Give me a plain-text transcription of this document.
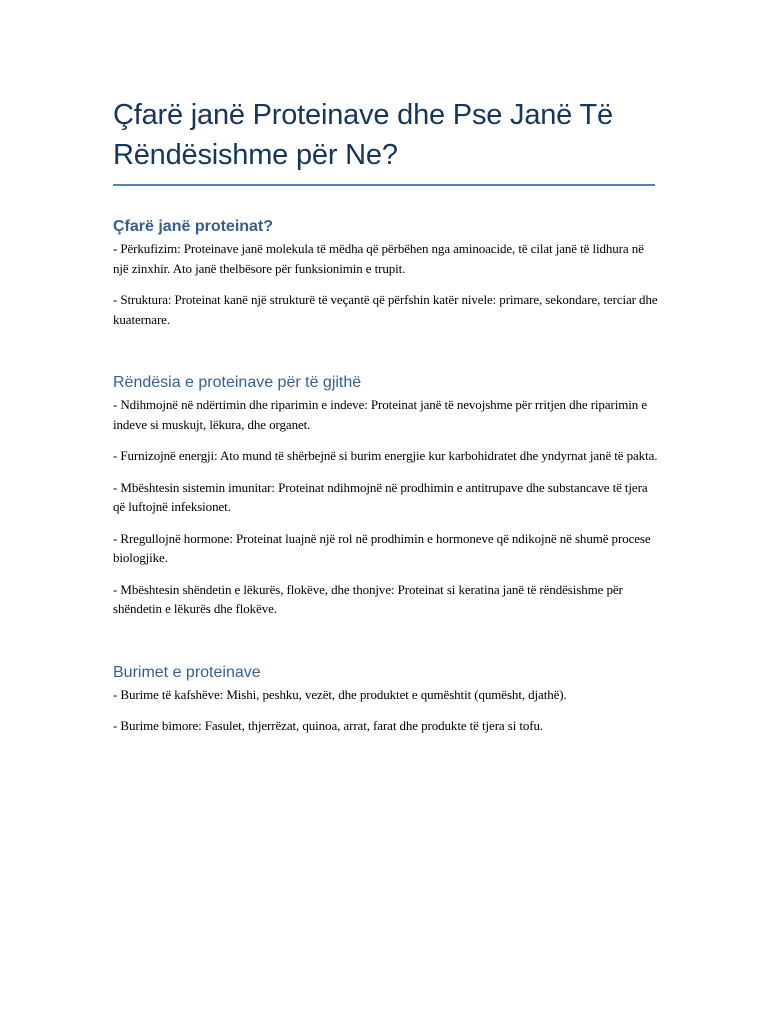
Çfarë janë Proteinave dhe Pse Janë Të Rëndësishme për Ne?
Çfarë janë proteinat?

- Përkufizim: Proteinave janë molekula të mëdha që përbëhen nga aminoacide, të cilat janë të lidhura në një zinxhir. Ato janë thelbësore për funksionimin e trupit.

- Struktura: Proteinat kanë një strukturë të veçantë që përfshin katër nivele: primare, sekondare, terciar dhe kuaternare.

Rëndësia e proteinave për të gjithë

- Ndihmojnë në ndërtimin dhe riparimin e indeve: Proteinat janë të nevojshme për rritjen dhe riparimin e indeve si muskujt, lëkura, dhe organet.

- Furnizojnë energji: Ato mund të shërbejnë si burim energjie kur karbohidratet dhe yndyrnat janë të pakta.

- Mbështesin sistemin imunitar: Proteinat ndihmojnë në prodhimin e antitrupave dhe substancave të tjera që luftojnë infeksionet.

- Rregullojnë hormone: Proteinat luajnë një rol në prodhimin e hormoneve që ndikojnë në shumë procese biologjike.

- Mbështesin shëndetin e lëkurës, flokëve, dhe thonjve: Proteinat si keratina janë të rëndësishme për shëndetin e lëkurës dhe flokëve.

Burimet e proteinave

- Burime të kafshëve: Mishi, peshku, vezët, dhe produktet e qumështit (qumësht, djathë).

- Burime bimore: Fasulet, thjerrëzat, quinoa, arrat, farat dhe produkte të tjera si tofu.
